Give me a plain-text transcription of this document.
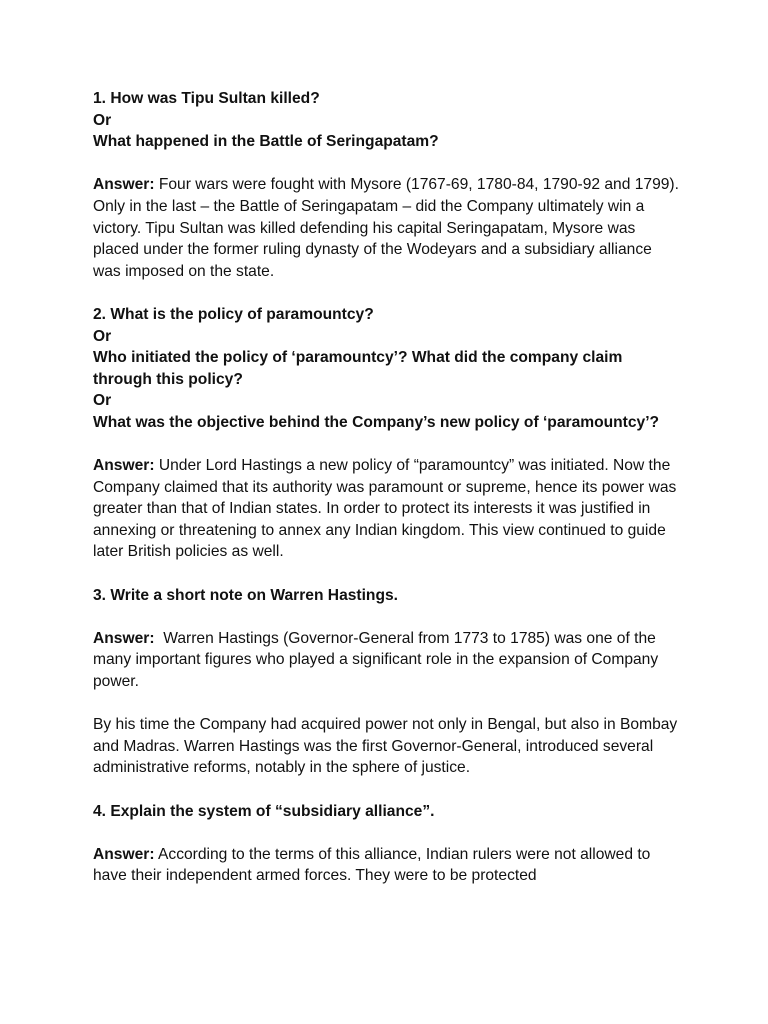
1. How was Tipu Sultan killed?

Or

What happened in the Battle of Seringapatam?

Answer: Four wars were fought with Mysore (1767-69, 1780-84, 1790-92 and 1799). Only in the last – the Battle of Seringapatam – did the Company ultimately win a victory. Tipu Sultan was killed defending his capital Seringapatam, Mysore was placed under the former ruling dynasty of the Wodeyars and a subsidiary alliance was imposed on the state.

2. What is the policy of paramountcy?

Or

Who initiated the policy of ‘paramountcy’? What did the company claim through this policy?

Or

What was the objective behind the Company’s new policy of ‘paramountcy’?

Answer: Under Lord Hastings a new policy of “paramountcy” was initiated. Now the Company claimed that its authority was paramount or supreme, hence its power was greater than that of Indian states. In order to protect its interests it was justified in annexing or threatening to annex any Indian kingdom. This view continued to guide later British policies as well.

3. Write a short note on Warren Hastings.

Answer:  Warren Hastings (Governor-General from 1773 to 1785) was one of the many important figures who played a significant role in the expansion of Company power.

By his time the Company had acquired power not only in Bengal, but also in Bombay and Madras. Warren Hastings was the first Governor-General, introduced several administrative reforms, notably in the sphere of justice.

4. Explain the system of “subsidiary alliance”.

Answer: According to the terms of this alliance, Indian rulers were not allowed to have their independent armed forces. They were to be protected
